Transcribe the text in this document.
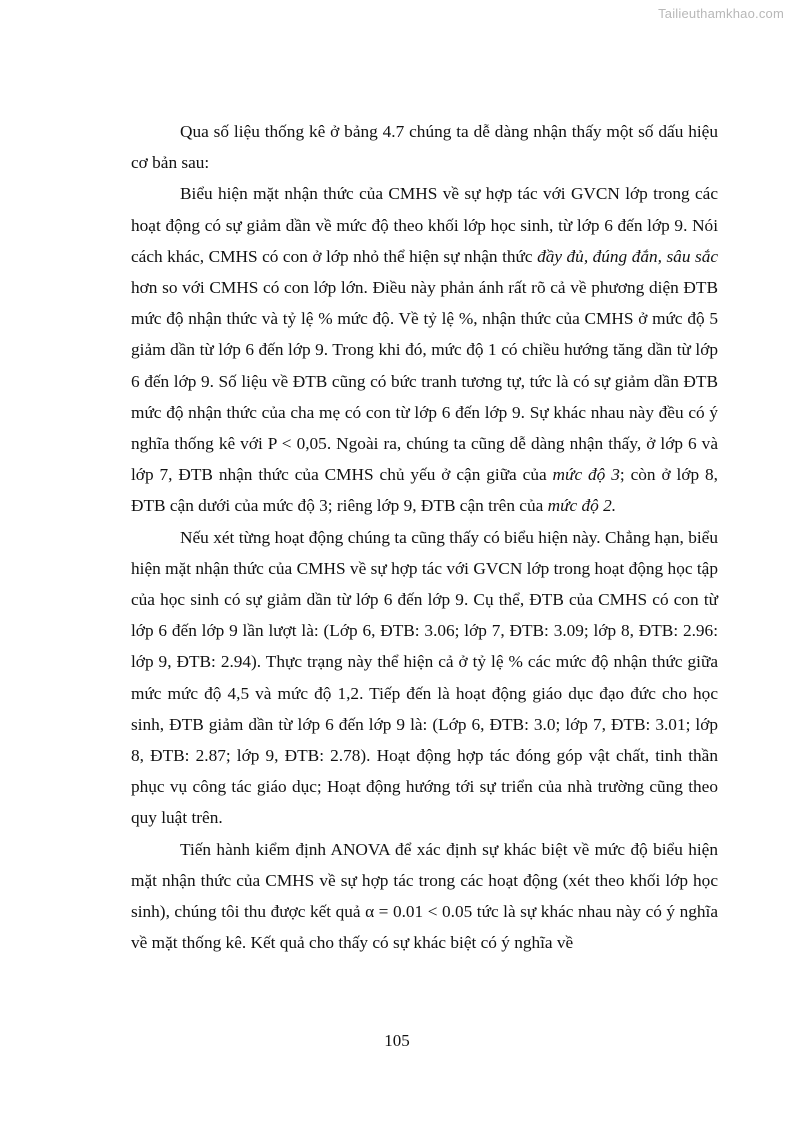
Tailieuthamkhao.com

Qua số liệu thống kê ở bảng 4.7 chúng ta dễ dàng nhận thấy một số dấu hiệu cơ bản sau:

Biểu hiện mặt nhận thức của CMHS về sự hợp tác với GVCN lớp trong các hoạt động có sự giảm dần về mức độ theo khối lớp học sinh, từ lớp 6 đến lớp 9. Nói cách khác, CMHS có con ở lớp nhỏ thể hiện sự nhận thức đầy đủ, đúng đắn, sâu sắc hơn so với CMHS có con lớp lớn. Điều này phản ánh rất rõ cả về phương diện ĐTB mức độ nhận thức và tỷ lệ % mức độ. Về tỷ lệ %, nhận thức của CMHS ở mức độ 5 giảm dần từ lớp 6 đến lớp 9. Trong khi đó, mức độ 1 có chiều hướng tăng dần từ lớp 6 đến lớp 9. Số liệu về ĐTB cũng có bức tranh tương tự, tức là có sự giảm dần ĐTB mức độ nhận thức của cha mẹ có con từ lớp 6 đến lớp 9. Sự khác nhau này đều có ý nghĩa thống kê với P < 0,05. Ngoài ra, chúng ta cũng dễ dàng nhận thấy, ở lớp 6 và lớp 7, ĐTB nhận thức của CMHS chủ yếu ở cận giữa của mức độ 3; còn ở lớp 8, ĐTB cận dưới của mức độ 3; riêng lớp 9, ĐTB cận trên của mức độ 2.

Nếu xét từng hoạt động chúng ta cũng thấy có biểu hiện này. Chẳng hạn, biểu hiện mặt nhận thức của CMHS về sự hợp tác với GVCN lớp trong hoạt động học tập của học sinh có sự giảm dần từ lớp 6 đến lớp 9. Cụ thể, ĐTB của CMHS có con từ lớp 6 đến lớp 9 lần lượt là: (Lớp 6, ĐTB: 3.06; lớp 7, ĐTB: 3.09; lớp 8, ĐTB: 2.96: lớp 9, ĐTB: 2.94). Thực trạng này thể hiện cả ở tỷ lệ % các mức độ nhận thức giữa mức mức độ 4,5 và mức độ 1,2. Tiếp đến là hoạt động giáo dục đạo đức cho học sinh, ĐTB giảm dần từ lớp 6 đến lớp 9 là: (Lớp 6, ĐTB: 3.0; lớp 7, ĐTB: 3.01; lớp 8, ĐTB: 2.87; lớp 9, ĐTB: 2.78). Hoạt động hợp tác đóng góp vật chất, tinh thần phục vụ công tác giáo dục; Hoạt động hướng tới sự triển của nhà trường cũng theo quy luật trên.

Tiến hành kiểm định ANOVA để xác định sự khác biệt về mức độ biểu hiện mặt nhận thức của CMHS về sự hợp tác trong các hoạt động (xét theo khối lớp học sinh), chúng tôi thu được kết quả α = 0.01 < 0.05 tức là sự khác nhau này có ý nghĩa về mặt thống kê. Kết quả cho thấy có sự khác biệt có ý nghĩa về

105
